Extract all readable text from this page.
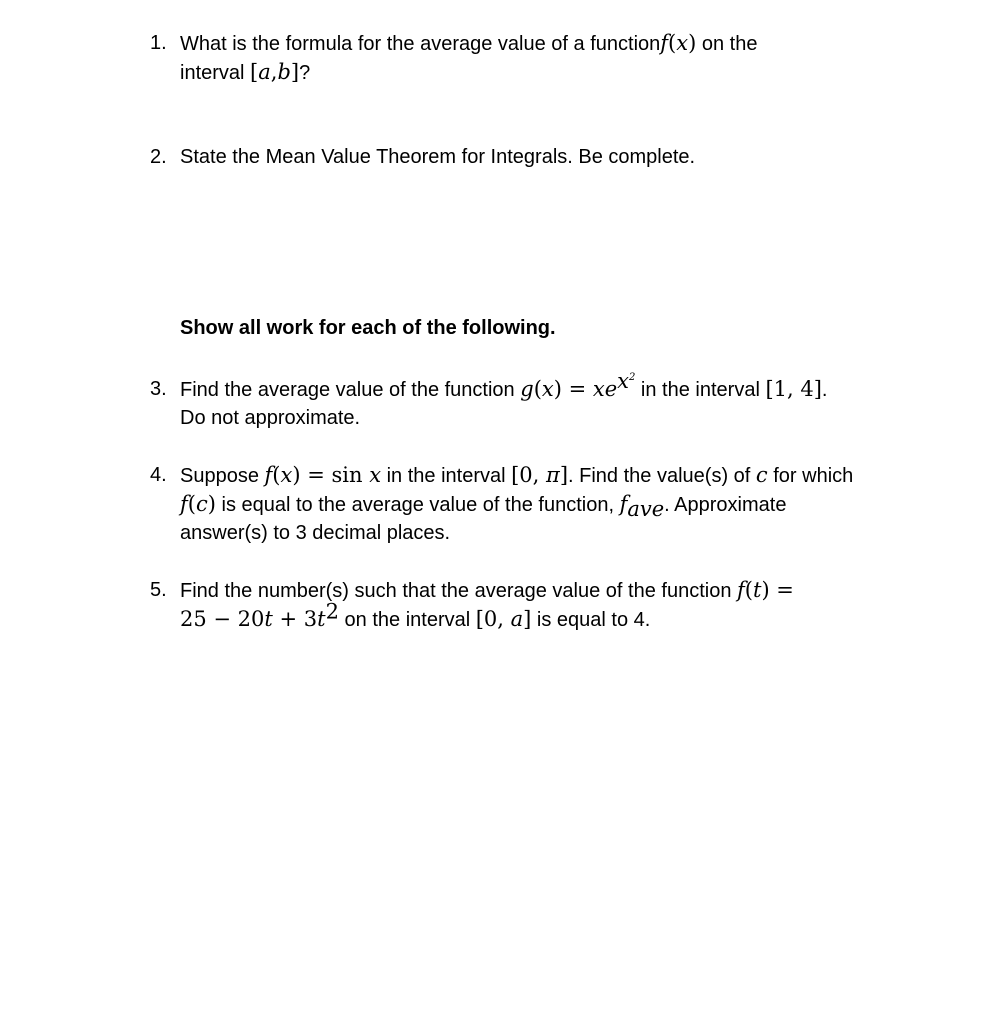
1. What is the formula for the average value of a functionf(x) on the
interval [a,b]?
2. State the Mean Value Theorem for Integrals. Be complete.
Show all work for each of the following.
3. Find the average value of the function $g(x) = xe^{x^2}$ in the interval [1, 4].
Do not approximate.
4. Suppose f(x) = sin x in the interval [0, π]. Find the value(s) of c for which
f(c) is equal to the average value of the function, $f_{ave}$. Approximate
answer(s) to 3 decimal places.
5. Find the number(s) such that the average value of the function f(t) =
$25 - 20t + 3t^2$ on the interval [0, a] is equal to 4.
